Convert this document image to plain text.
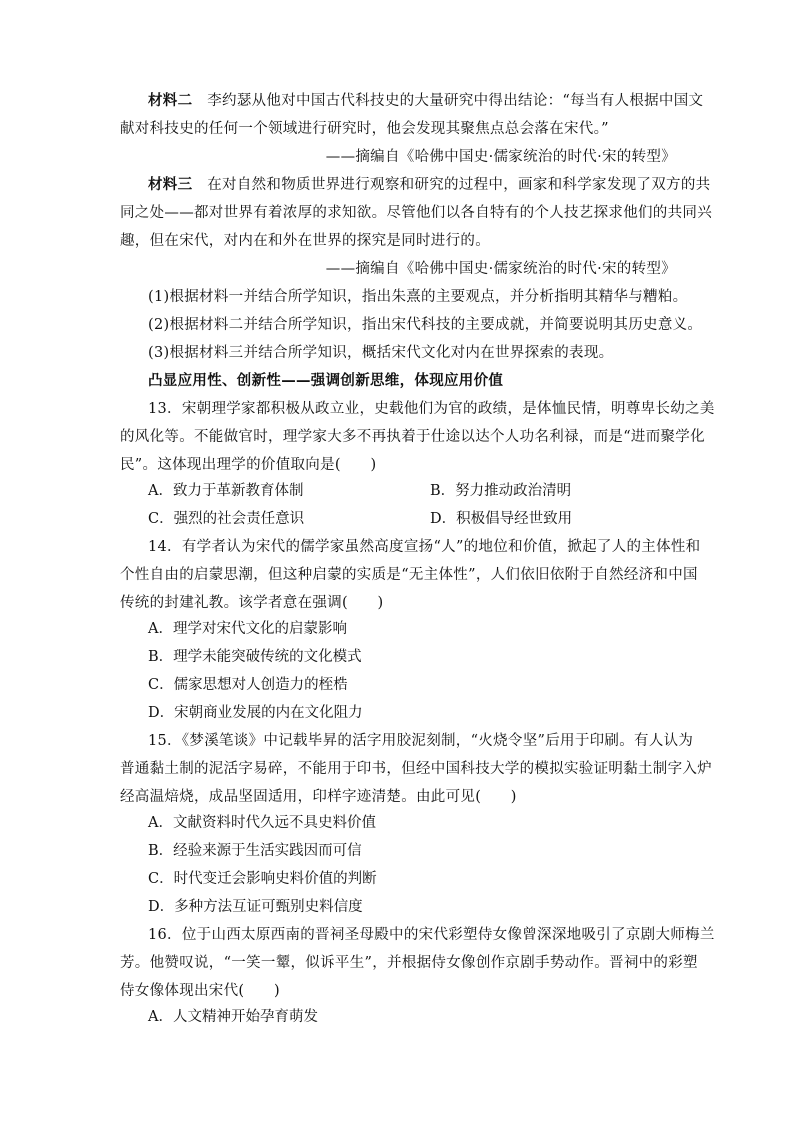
材料二  李约瑟从他对中国古代科技史的大量研究中得出结论：“每当有人根据中国文
献对科技史的任何一个领域进行研究时，他会发现其聚焦点总会落在宋代。”
——摘编自《哈佛中国史·儒家统治的时代·宋的转型》
材料三  在对自然和物质世界进行观察和研究的过程中，画家和科学家发现了双方的共
同之处——都对世界有着浓厚的求知欲。尽管他们以各自特有的个人技艺探求他们的共同兴
趣，但在宋代，对内在和外在世界的探究是同时进行的。
——摘编自《哈佛中国史·儒家统治的时代·宋的转型》
(1)根据材料一并结合所学知识，指出朱熹的主要观点，并分析指明其精华与糟粕。
(2)根据材料二并结合所学知识，指出宋代科技的主要成就，并简要说明其历史意义。
(3)根据材料三并结合所学知识，概括宋代文化对内在世界探索的表现。
凸显应用性、创新性——强调创新思维，体现应用价值
13．宋朝理学家都积极从政立业，史载他们为官的政绩，是体恤民情，明尊卑长幼之美
的风化等。不能做官时，理学家大多不再执着于仕途以达个人功名利禄，而是“进而聚学化
民”。这体现出理学的价值取向是(　　)
A．致力于革新教育体制	B．努力推动政治清明
C．强烈的社会责任意识	D．积极倡导经世致用
14．有学者认为宋代的儒学家虽然高度宣扬“人”的地位和价值，掀起了人的主体性和
个性自由的启蒙思潮，但这种启蒙的实质是“无主体性”，人们依旧依附于自然经济和中国
传统的封建礼教。该学者意在强调(　　)
A．理学对宋代文化的启蒙影响
B．理学未能突破传统的文化模式
C．儒家思想对人创造力的桎梏
D．宋朝商业发展的内在文化阻力
15．《梦溪笔谈》中记载毕昇的活字用胶泥刻制，“火烧令坚”后用于印刷。有人认为
普通黏土制的泥活字易碎，不能用于印书，但经中国科技大学的模拟实验证明黏土制字入炉
经高温焙烧，成品坚固适用，印样字迹清楚。由此可见(　　)
A．文献资料时代久远不具史料价值
B．经验来源于生活实践因而可信
C．时代变迁会影响史料价值的判断
D．多种方法互证可甄别史料信度
16．位于山西太原西南的晋祠圣母殿中的宋代彩塑侍女像曾深深地吸引了京剧大师梅兰
芳。他赞叹说，“一笑一颦，似诉平生”，并根据侍女像创作京剧手势动作。晋祠中的彩塑
侍女像体现出宋代(　　)
A．人文精神开始孕育萌发
